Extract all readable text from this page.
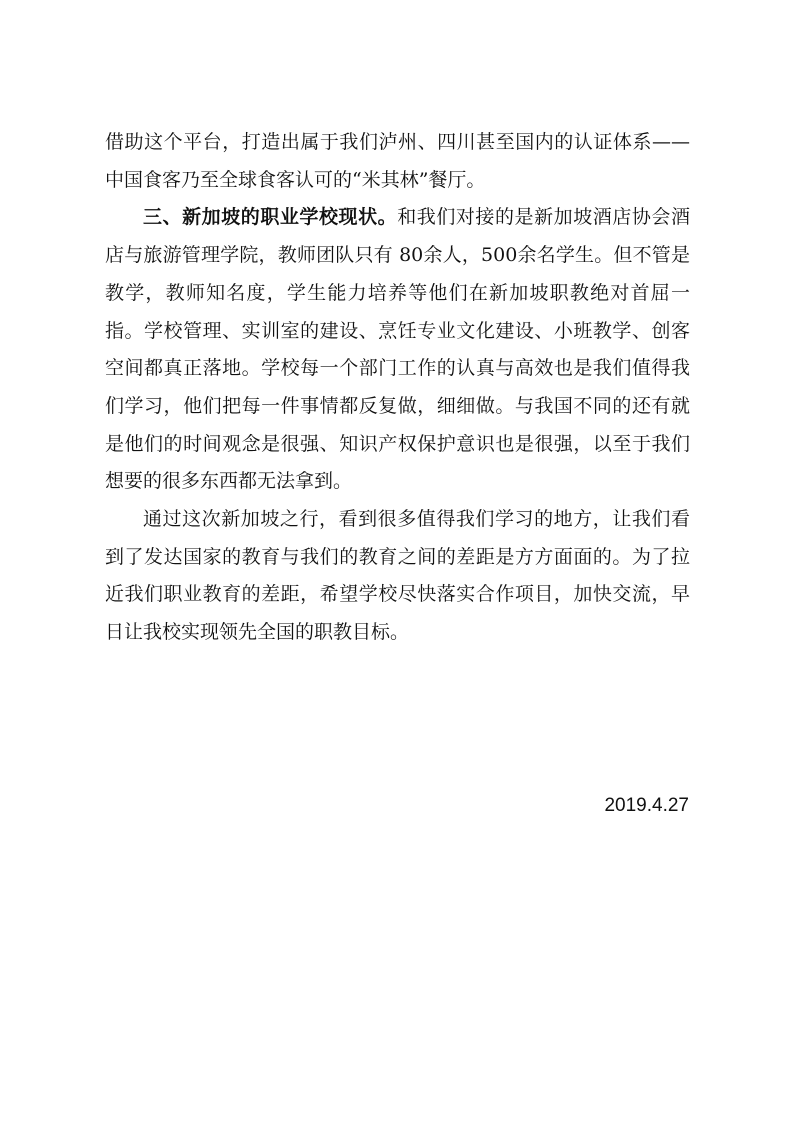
借助这个平台，打造出属于我们泸州、四川甚至国内的认证体系——中国食客乃至全球食客认可的“米其林”餐厅。

三、新加坡的职业学校现状。和我们对接的是新加坡酒店协会酒店与旅游管理学院，教师团队只有 80余人，500余名学生。但不管是教学，教师知名度，学生能力培养等他们在新加坡职教绝对首屈一指。学校管理、实训室的建设、烹饪专业文化建设、小班教学、创客空间都真正落地。学校每一个部门工作的认真与高效也是我们值得我们学习，他们把每一件事情都反复做，细细做。与我国不同的还有就是他们的时间观念是很强、知识产权保护意识也是很强，以至于我们想要的很多东西都无法拿到。

通过这次新加坡之行，看到很多值得我们学习的地方，让我们看到了发达国家的教育与我们的教育之间的差距是方方面面的。为了拉近我们职业教育的差距，希望学校尽快落实合作项目，加快交流，早日让我校实现领先全国的职教目标。

2019.4.27
